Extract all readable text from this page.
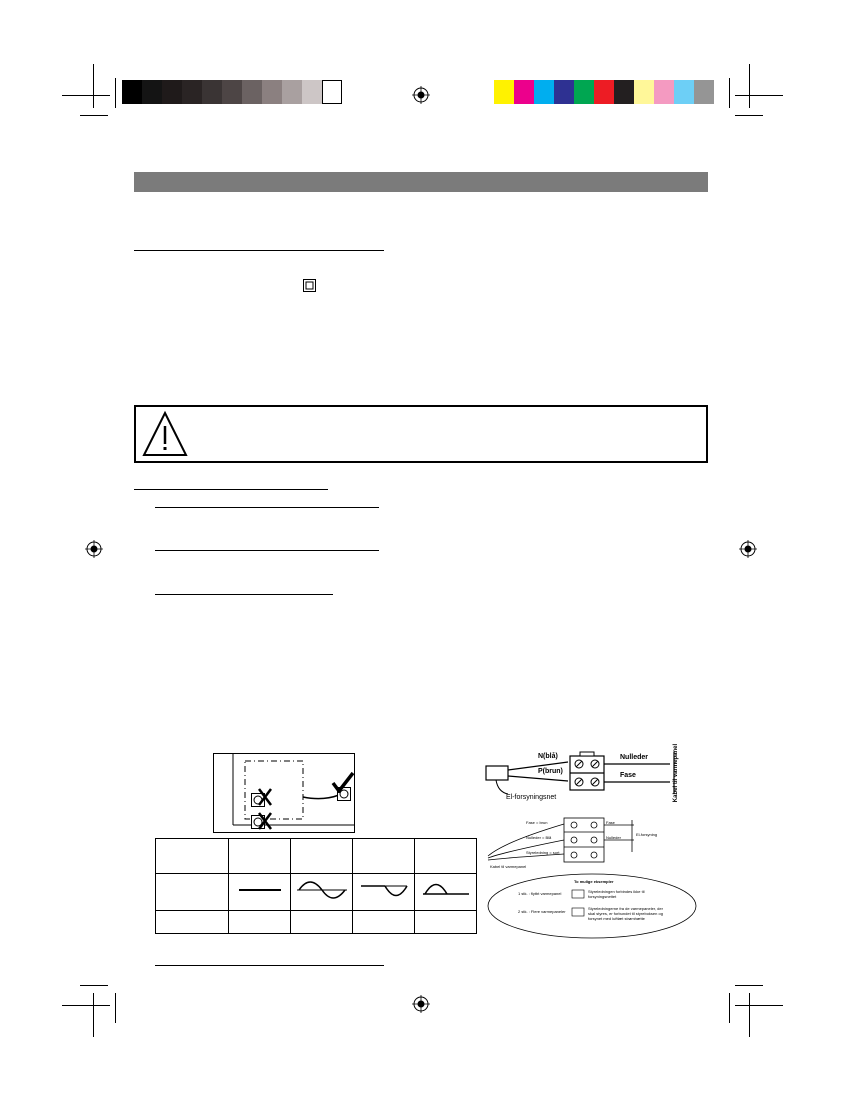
N(blå)
P(brun)
Nulleder
Fase
El-forsyningsnet	Kabel til varmepanel
Fase = brun
Nulleder = Blå
Styreledning = sort
Fase
Nulleder
El-forsyning
Kabel til varmepanel
To mulige eksempler
1 stk. : flytbt varmepanel	Styreledningen forbindes ikke til forsyningsnettet
2 stk. : Flere varmepaneler
Styreledningerne fra de varmepaneler, der skal styres, er forbundet til styreboksen og forsynet med lufttæt strømhætte
